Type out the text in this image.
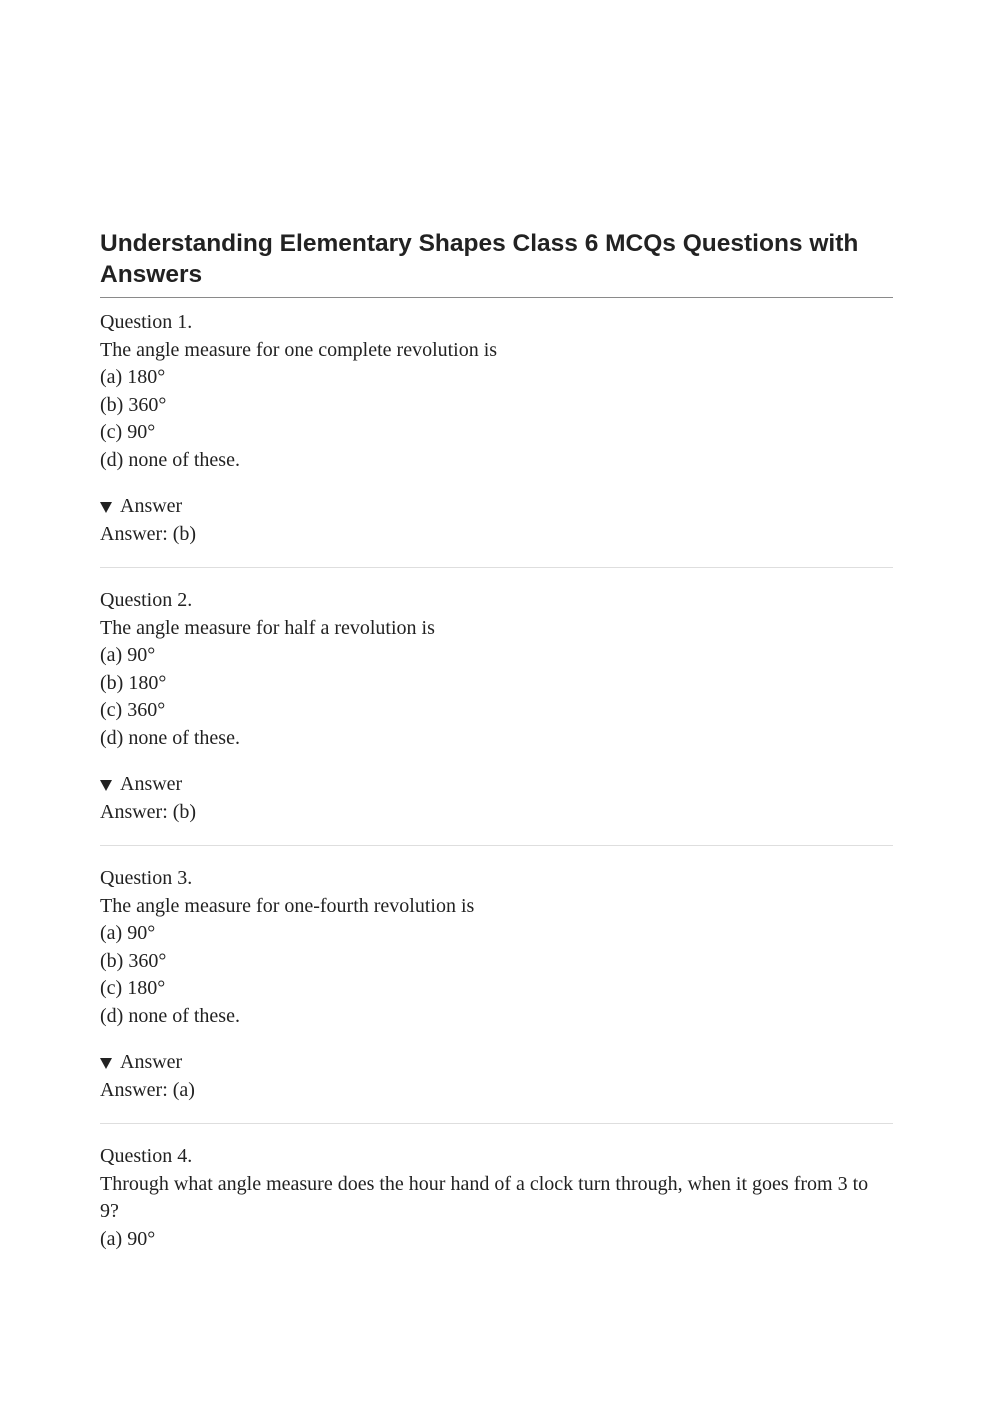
Understanding Elementary Shapes Class 6 MCQs Questions with Answers
Question 1.
The angle measure for one complete revolution is
(a) 180°
(b) 360°
(c) 90°
(d) none of these.
Answer
Answer: (b)
Question 2.
The angle measure for half a revolution is
(a) 90°
(b) 180°
(c) 360°
(d) none of these.
Answer
Answer: (b)
Question 3.
The angle measure for one-fourth revolution is
(a) 90°
(b) 360°
(c) 180°
(d) none of these.
Answer
Answer: (a)
Question 4.
Through what angle measure does the hour hand of a clock turn through, when it goes from 3 to 9?
(a) 90°
